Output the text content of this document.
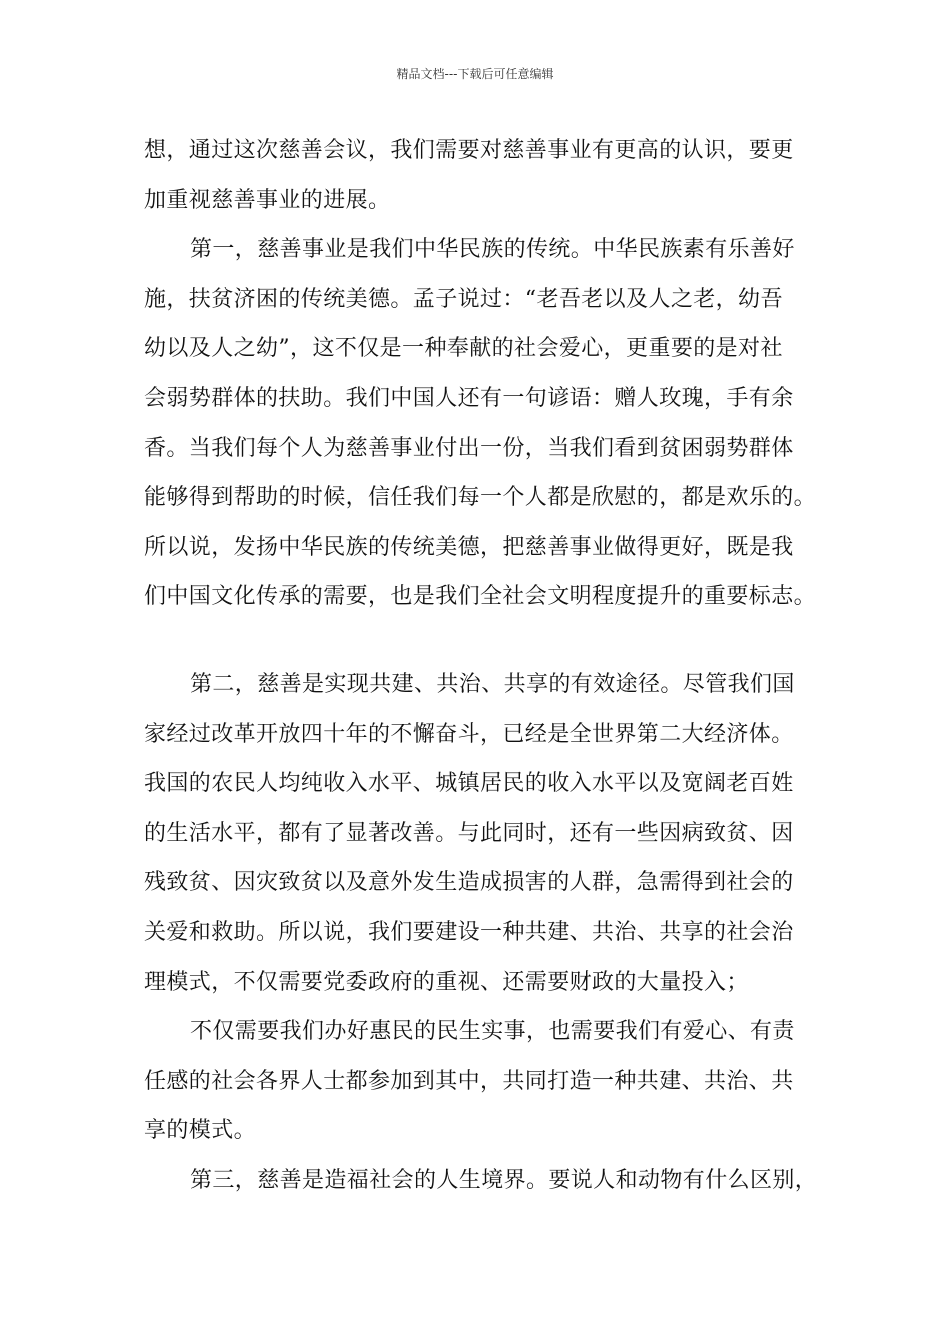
精品文档---下载后可任意编辑
想，通过这次慈善会议，我们需要对慈善事业有更高的认识，要更
加重视慈善事业的进展。
第一，慈善事业是我们中华民族的传统。中华民族素有乐善好
施，扶贫济困的传统美德。孟子说过：“老吾老以及人之老，幼吾
幼以及人之幼”，这不仅是一种奉献的社会爱心，更重要的是对社
会弱势群体的扶助。我们中国人还有一句谚语：赠人玫瑰，手有余
香。当我们每个人为慈善事业付出一份，当我们看到贫困弱势群体
能够得到帮助的时候，信任我们每一个人都是欣慰的，都是欢乐的。
所以说，发扬中华民族的传统美德，把慈善事业做得更好，既是我
们中国文化传承的需要，也是我们全社会文明程度提升的重要标志。
第二，慈善是实现共建、共治、共享的有效途径。尽管我们国
家经过改革开放四十年的不懈奋斗，已经是全世界第二大经济体。
我国的农民人均纯收入水平、城镇居民的收入水平以及宽阔老百姓
的生活水平，都有了显著改善。与此同时，还有一些因病致贫、因
残致贫、因灾致贫以及意外发生造成损害的人群，急需得到社会的
关爱和救助。所以说，我们要建设一种共建、共治、共享的社会治
理模式，不仅需要党委政府的重视、还需要财政的大量投入；
不仅需要我们办好惠民的民生实事，也需要我们有爱心、有责
任感的社会各界人士都参加到其中，共同打造一种共建、共治、共
享的模式。
第三，慈善是造福社会的人生境界。要说人和动物有什么区别，
